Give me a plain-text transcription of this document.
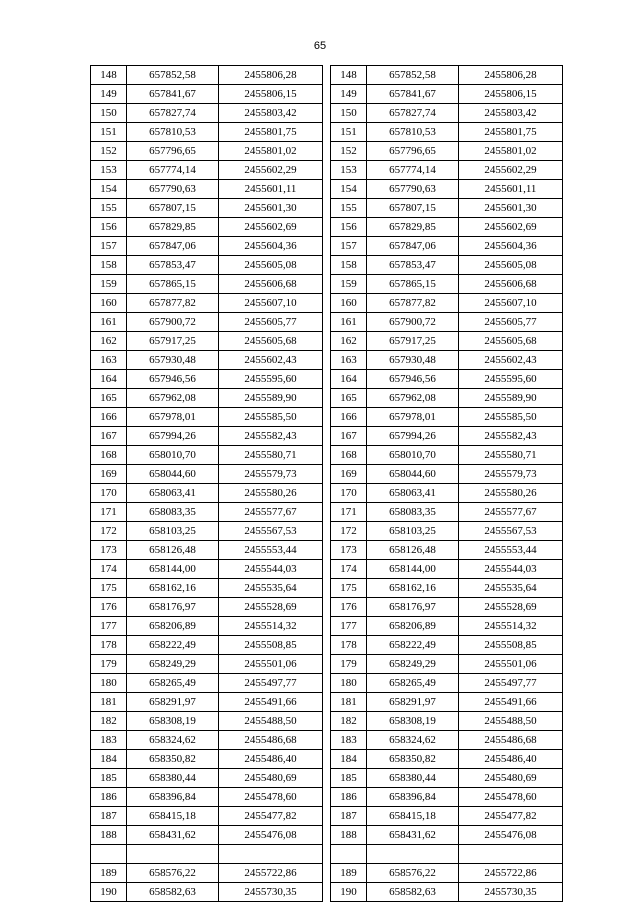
65
148	657852,58	2455806,28		148	657852,58	2455806,28
149	657841,67	2455806,15		149	657841,67	2455806,15
150	657827,74	2455803,42		150	657827,74	2455803,42
151	657810,53	2455801,75		151	657810,53	2455801,75
152	657796,65	2455801,02		152	657796,65	2455801,02
153	657774,14	2455602,29		153	657774,14	2455602,29
154	657790,63	2455601,11		154	657790,63	2455601,11
155	657807,15	2455601,30		155	657807,15	2455601,30
156	657829,85	2455602,69		156	657829,85	2455602,69
157	657847,06	2455604,36		157	657847,06	2455604,36
158	657853,47	2455605,08		158	657853,47	2455605,08
159	657865,15	2455606,68		159	657865,15	2455606,68
160	657877,82	2455607,10		160	657877,82	2455607,10
161	657900,72	2455605,77		161	657900,72	2455605,77
162	657917,25	2455605,68		162	657917,25	2455605,68
163	657930,48	2455602,43		163	657930,48	2455602,43
164	657946,56	2455595,60		164	657946,56	2455595,60
165	657962,08	2455589,90		165	657962,08	2455589,90
166	657978,01	2455585,50		166	657978,01	2455585,50
167	657994,26	2455582,43		167	657994,26	2455582,43
168	658010,70	2455580,71		168	658010,70	2455580,71
169	658044,60	2455579,73		169	658044,60	2455579,73
170	658063,41	2455580,26		170	658063,41	2455580,26
171	658083,35	2455577,67		171	658083,35	2455577,67
172	658103,25	2455567,53		172	658103,25	2455567,53
173	658126,48	2455553,44		173	658126,48	2455553,44
174	658144,00	2455544,03		174	658144,00	2455544,03
175	658162,16	2455535,64		175	658162,16	2455535,64
176	658176,97	2455528,69		176	658176,97	2455528,69
177	658206,89	2455514,32		177	658206,89	2455514,32
178	658222,49	2455508,85		178	658222,49	2455508,85
179	658249,29	2455501,06		179	658249,29	2455501,06
180	658265,49	2455497,77		180	658265,49	2455497,77
181	658291,97	2455491,66		181	658291,97	2455491,66
182	658308,19	2455488,50		182	658308,19	2455488,50
183	658324,62	2455486,68		183	658324,62	2455486,68
184	658350,82	2455486,40		184	658350,82	2455486,40
185	658380,44	2455480,69		185	658380,44	2455480,69
186	658396,84	2455478,60		186	658396,84	2455478,60
187	658415,18	2455477,82		187	658415,18	2455477,82
188	658431,62	2455476,08		188	658431,62	2455476,08

189	658576,22	2455722,86		189	658576,22	2455722,86
190	658582,63	2455730,35		190	658582,63	2455730,35
